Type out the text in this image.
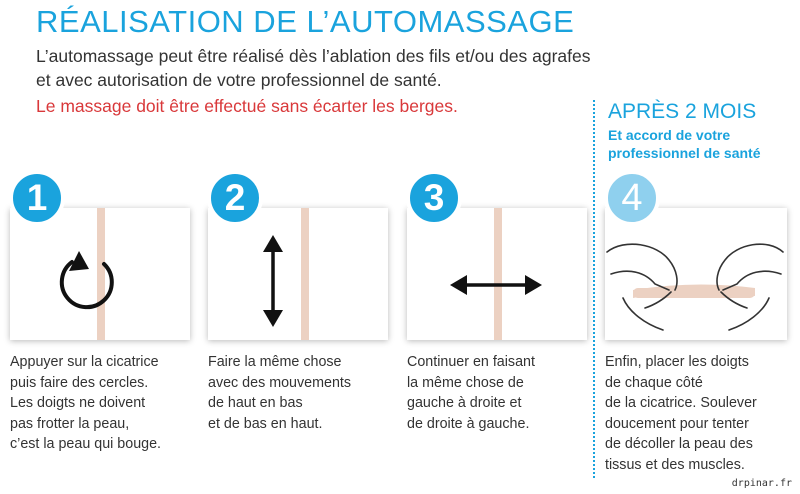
RÉALISATION DE L’AUTOMASSAGE
L’automassage peut être réalisé dès l’ablation des fils et/ou des agrafes
et avec autorisation de votre professionnel de santé.
Le massage doit être effectué sans écarter les berges.	APRÈS 2 MOIS
Et accord de votre
professionnel de santé
1
Appuyer sur la cicatrice
puis faire des cercles.
Les doigts ne doivent
pas frotter la peau,
c’est la peau qui bouge.
2
Faire la même chose
avec des mouvements
de haut en bas
et de bas en haut.
3
Continuer en faisant
la même chose de
gauche à droite et
de droite à gauche.
4
Enfin, placer les doigts
de chaque côté
de la cicatrice. Soulever
doucement pour tenter
de décoller la peau des
tissus et des muscles.
drpinar.fr
